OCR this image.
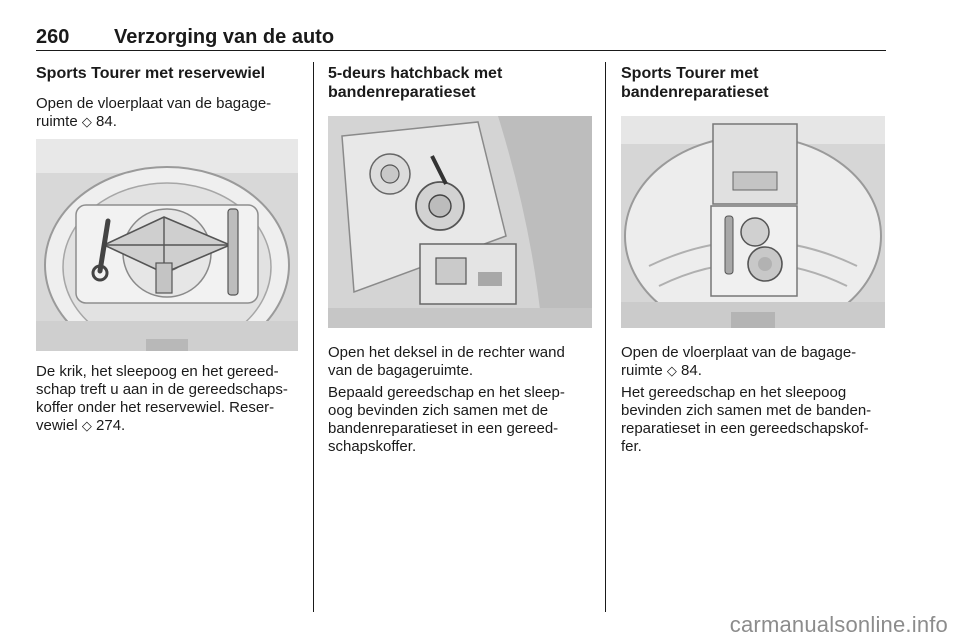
260 Verzorging van de auto
Sports Tourer met reservewiel

Open de vloerplaat van de bagage-

ruimte ◇ 84.

De krik, het sleepoog en het gereed-

schap treft u aan in de gereedschaps-

koffer onder het reservewiel. Reser-

vewiel ◇ 274.

5-deurs hatchback met
bandenreparatieset

Open het deksel in de rechter wand

van de bagageruimte.

Bepaald gereedschap en het sleep-

oog bevinden zich samen met de

bandenreparatieset in een gereed-

schapskoffer.

Sports Tourer met
bandenreparatieset

Open de vloerplaat van de bagage-

ruimte ◇ 84.

Het gereedschap en het sleepoog

bevinden zich samen met de banden-

reparatieset in een gereedschapskof-

fer.

carmanualsonline.info
